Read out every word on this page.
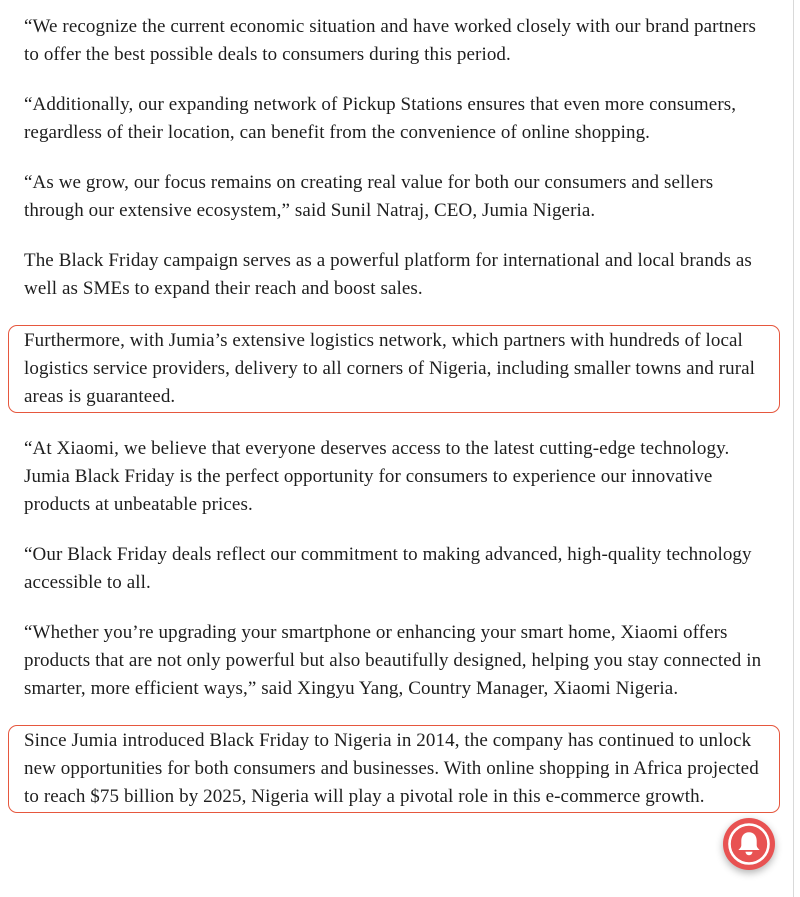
“We recognize the current economic situation and have worked closely with our brand partners to offer the best possible deals to consumers during this period.

“Additionally, our expanding network of Pickup Stations ensures that even more consumers, regardless of their location, can benefit from the convenience of online shopping.

“As we grow, our focus remains on creating real value for both our consumers and sellers through our extensive ecosystem,” said Sunil Natraj, CEO, Jumia Nigeria.

The Black Friday campaign serves as a powerful platform for international and local brands as well as SMEs to expand their reach and boost sales.

Furthermore, with Jumia’s extensive logistics network, which partners with hundreds of local logistics service providers, delivery to all corners of Nigeria, including smaller towns and rural areas is guaranteed.

“At Xiaomi, we believe that everyone deserves access to the latest cutting-edge technology. Jumia Black Friday is the perfect opportunity for consumers to experience our innovative products at unbeatable prices.

“Our Black Friday deals reflect our commitment to making advanced, high-quality technology accessible to all.

“Whether you’re upgrading your smartphone or enhancing your smart home, Xiaomi offers products that are not only powerful but also beautifully designed, helping you stay connected in smarter, more efficient ways,” said Xingyu Yang, Country Manager, Xiaomi Nigeria.

Since Jumia introduced Black Friday to Nigeria in 2014, the company has continued to unlock new opportunities for both consumers and businesses. With online shopping in Africa projected to reach $75 billion by 2025, Nigeria will play a pivotal role in this e-commerce growth.
